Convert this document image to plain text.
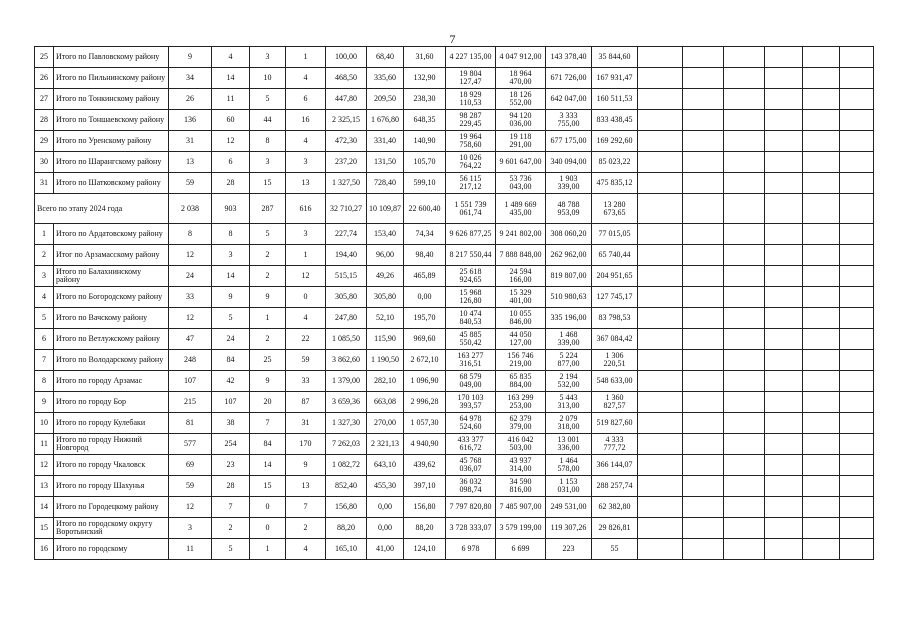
7
25	Итого по Павловскому району	9	4	3	1	100,00	68,40	31,60	4 227 135,00	4 047 912,00	143 378,40	35 844,60						
26	Итого по Пильнинскому району	34	14	10	4	468,50	335,60	132,90	19 804 127,47	18 964 470,00	671 726,00	167 931,47						
27	Итого по Тонкинскому району	26	11	5	6	447,80	209,50	238,30	18 929 110,53	18 126 552,00	642 047,00	160 511,53						
28	Итого по Тоншаевскому району	136	60	44	16	2 325,15	1 676,80	648,35	98 287 229,45	94 120 036,00	3 333 755,00	833 438,45						
29	Итого по Уренскому району	31	12	8	4	472,30	331,40	140,90	19 964 758,60	19 118 291,00	677 175,00	169 292,60						
30	Итого по Шарангскому району	13	6	3	3	237,20	131,50	105,70	10 026 764,22	9 601 647,00	340 094,00	85 023,22						
31	Итого по Шатковскому району	59	28	15	13	1 327,50	728,40	599,10	56 115 217,12	53 736 043,00	1 903 339,00	475 835,12						
Всего по этапу 2024 года		2 038	903	287	616	32 710,27	10 109,87	22 600,40	1 551 739 061,74	1 489 669 435,00	48 788 953,09	13 280 673,65						
1	Итого по Ардатовскому району	8	8	5	3	227,74	153,40	74,34	9 626 877,25	9 241 802,00	308 060,20	77 015,05						
2	Итог по Арзамасскому району	12	3	2	1	194,40	96,00	98,40	8 217 550,44	7 888 848,00	262 962,00	65 740,44						
3	Итого по Балахнинскому району	24	14	2	12	515,15	49,26	465,89	25 618 924,65	24 594 166,00	819 807,00	204 951,65						
4	Итого по Богородскому району	33	9	9	0	305,80	305,80	0,00	15 968 126,80	15 329 401,00	510 980,63	127 745,17						
5	Итого по Вачскому району	12	5	1	4	247,80	52,10	195,70	10 474 840,53	10 055 846,00	335 196,00	83 798,53						
6	Итого по Ветлужскому району	47	24	2	22	1 085,50	115,90	969,60	45 885 550,42	44 050 127,00	1 468 339,00	367 084,42						
7	Итого по Володарскому району	248	84	25	59	3 862,60	1 190,50	2 672,10	163 277 316,51	156 746 219,00	5 224 877,00	1 306 220,51						
8	Итого по городу Арзамас	107	42	9	33	1 379,00	282,10	1 096,90	68 579 049,00	65 835 884,00	2 194 532,00	548 633,00						
9	Итого по городу Бор	215	107	20	87	3 659,36	663,08	2 996,28	170 103 393,57	163 299 253,00	5 443 313,00	1 360 827,57						
10	Итого по городу Кулебаки	81	38	7	31	1 327,30	270,00	1 057,30	64 978 524,60	62 379 379,00	2 079 318,00	519 827,60						
11	Итого по городу Нижний Новгород	577	254	84	170	7 262,03	2 321,13	4 940,90	433 377 616,72	416 042 503,00	13 001 336,00	4 333 777,72						
12	Итого по городу Чкаловск	69	23	14	9	1 082,72	643,10	439,62	45 768 036,07	43 937 314,00	1 464 578,00	366 144,07						
13	Итого по городу Шахунья	59	28	15	13	852,40	455,30	397,10	36 032 098,74	34 590 816,00	1 153 031,00	288 257,74						
14	Итого по Городецкому району	12	7	0	7	156,80	0,00	156,80	7 797 820,80	7 485 907,00	249 531,00	62 382,80						
15	Итого по городскому округу Воротынский	3	2	0	2	88,20	0,00	88,20	3 728 333,07	3 579 199,00	119 307,26	29 826,81						
16	Итого по городскому	11	5	1	4	165,10	41,00	124,10	6 978	6 699	223	55						
